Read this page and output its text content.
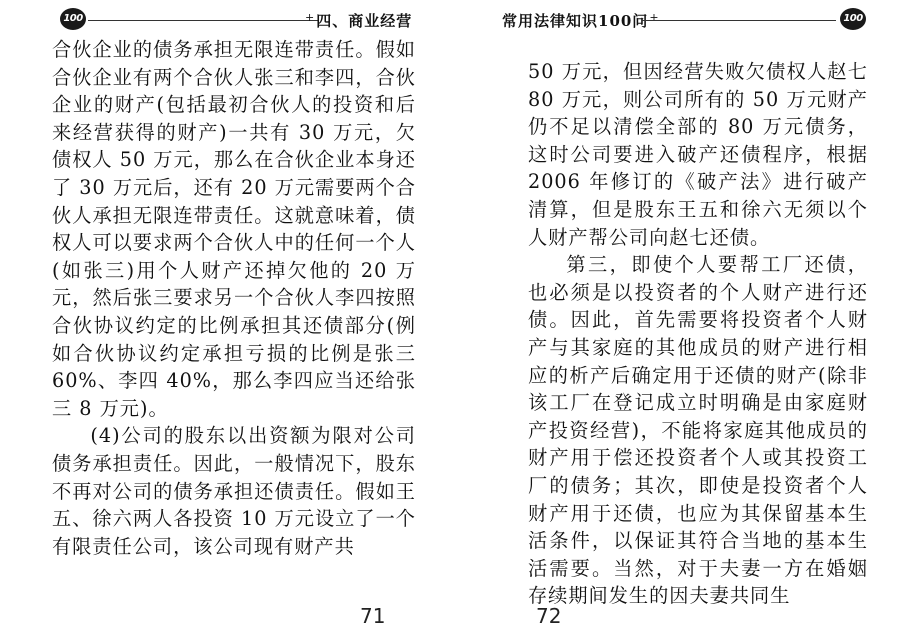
100	+四、商业经营

合伙企业的债务承担无限连带责任。假如合伙企业有两个合伙人张三和李四，合伙企业的财产(包括最初合伙人的投资和后来经营获得的财产)一共有 30 万元，欠债权人 50 万元，那么在合伙企业本身还了 30 万元后，还有 20 万元需要两个合伙人承担无限连带责任。这就意味着，债权人可以要求两个合伙人中的任何一个人(如张三)用个人财产还掉欠他的 20 万元，然后张三要求另一个合伙人李四按照合伙协议约定的比例承担其还债部分(例如合伙协议约定承担亏损的比例是张三 60%、李四 40%，那么李四应当还给张三 8 万元)。

(4)公司的股东以出资额为限对公司债务承担责任。因此，一般情况下，股东不再对公司的债务承担还债责任。假如王五、徐六两人各投资 10 万元设立了一个有限责任公司，该公司现有财产共

71
常用法律知识100问+	100

50 万元，但因经营失败欠债权人赵七 80 万元，则公司所有的 50 万元财产仍不足以清偿全部的 80 万元债务，这时公司要进入破产还债程序，根据 2006 年修订的《破产法》进行破产清算，但是股东王五和徐六无须以个人财产帮公司向赵七还债。

第三，即使个人要帮工厂还债，也必须是以投资者的个人财产进行还债。因此，首先需要将投资者个人财产与其家庭的其他成员的财产进行相应的析产后确定用于还债的财产(除非该工厂在登记成立时明确是由家庭财产投资经营)，不能将家庭其他成员的财产用于偿还投资者个人或其投资工厂的债务；其次，即使是投资者个人财产用于还债，也应为其保留基本生活条件，以保证其符合当地的基本生活需要。当然，对于夫妻一方在婚姻存续期间发生的因夫妻共同生

72
